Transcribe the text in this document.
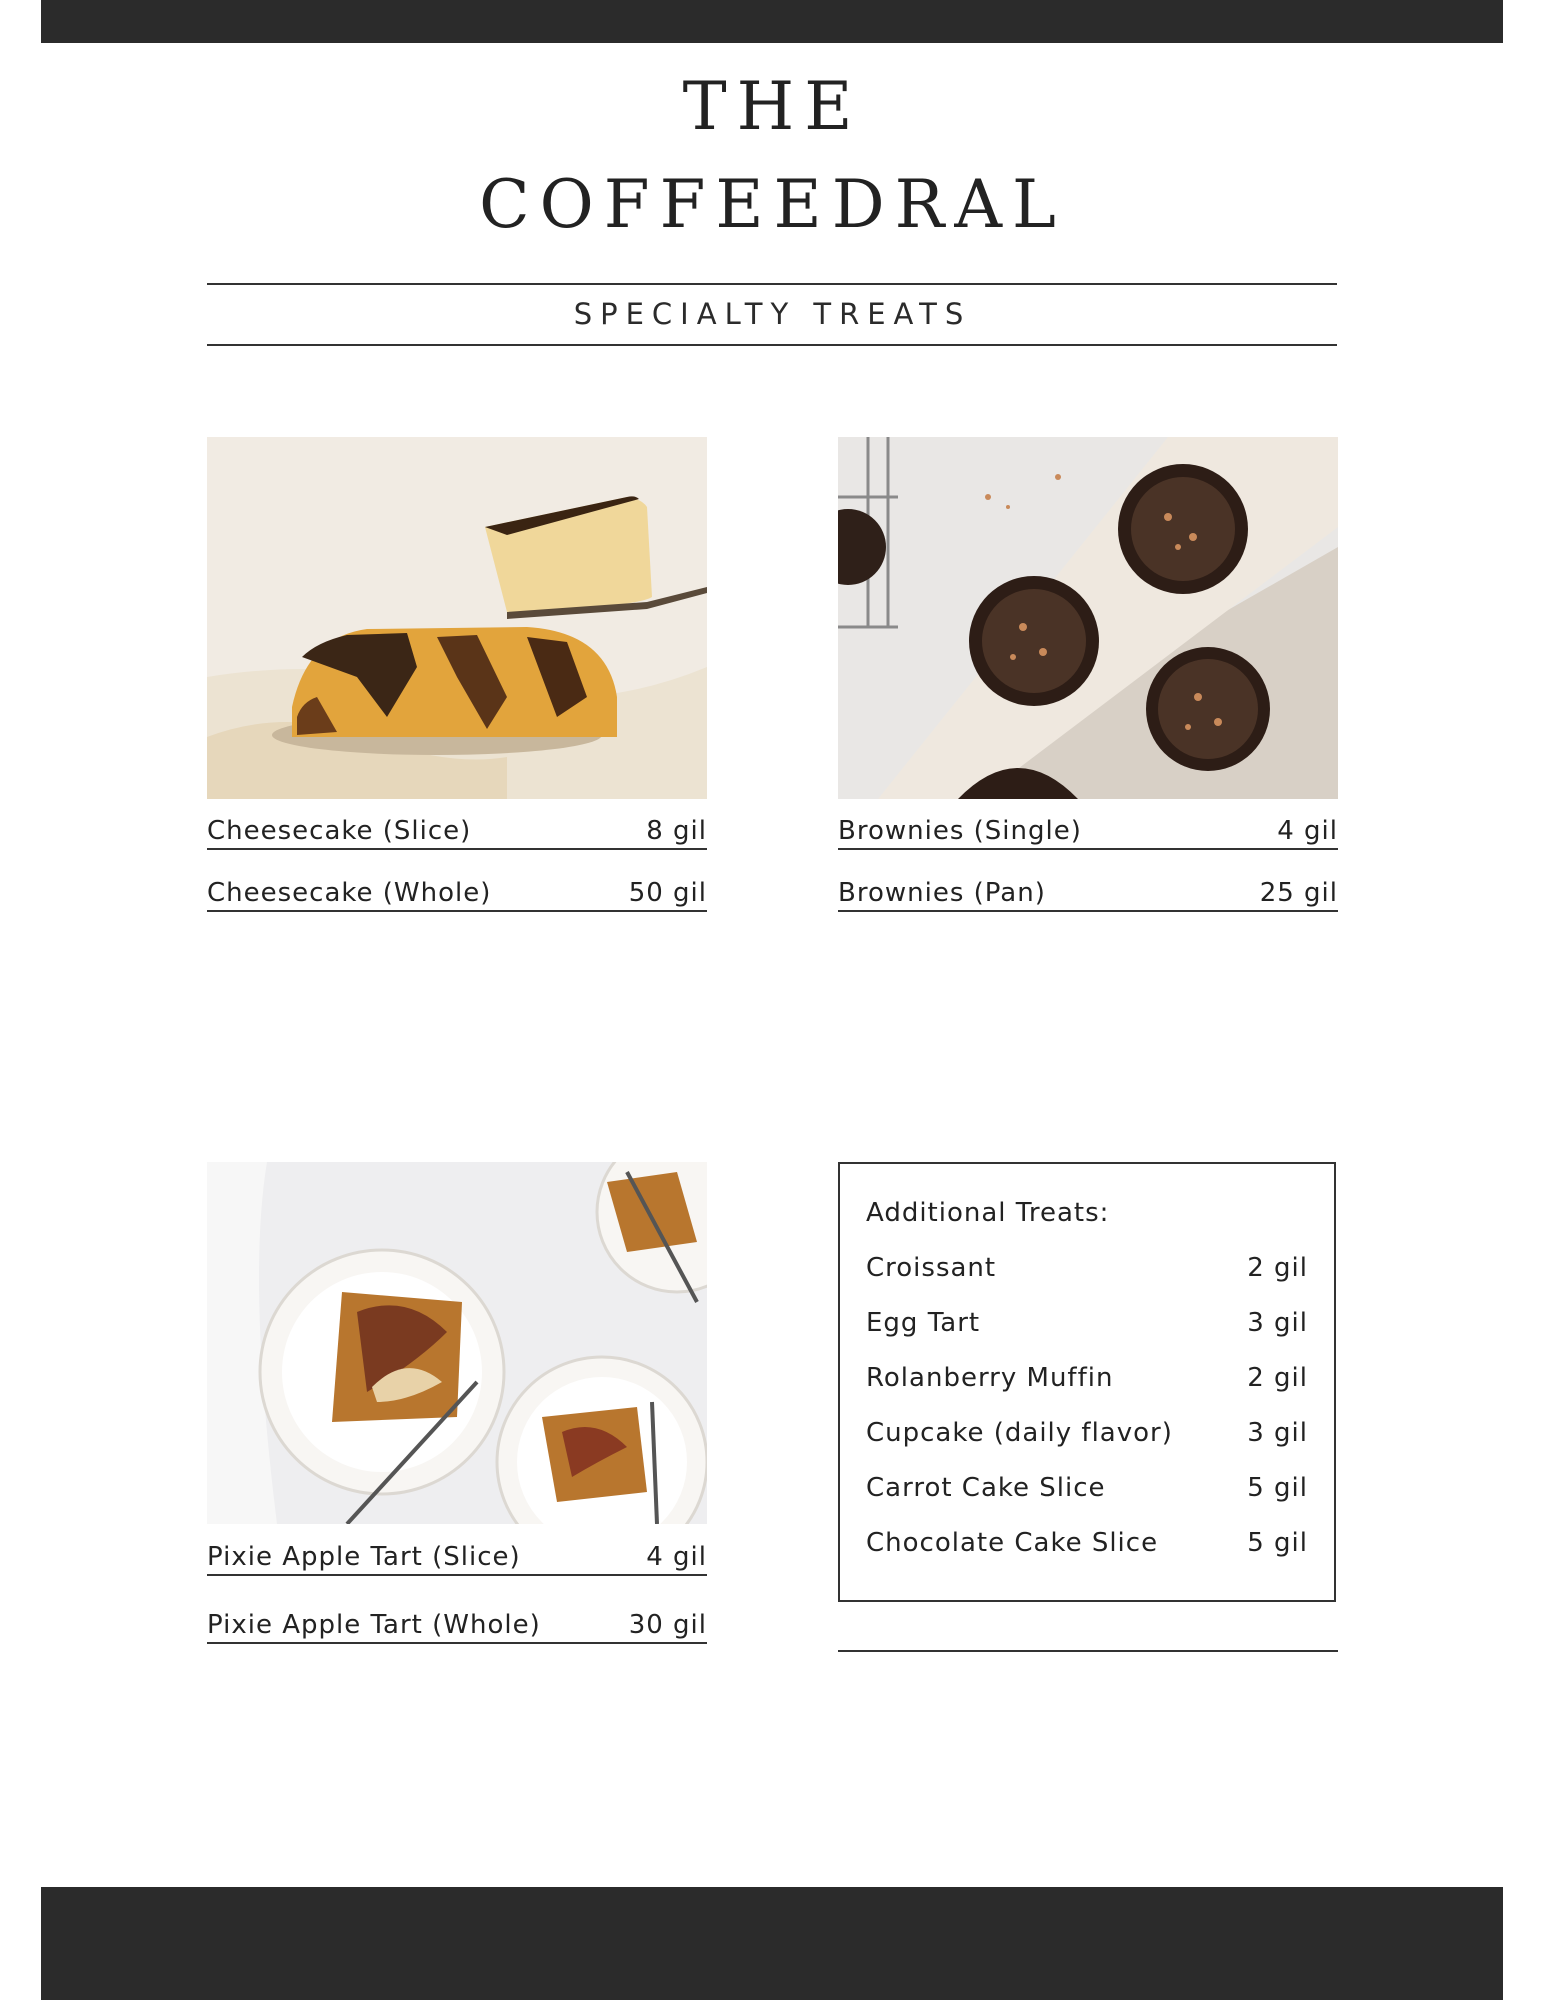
THE
COFFEEDRAL
SPECIALTY TREATS
Cheesecake (Slice)	8 gil
Cheesecake (Whole)	50 gil
Brownies (Single)	4 gil
Brownies (Pan)	25 gil
Pixie Apple Tart (Slice)	4 gil
Pixie Apple Tart (Whole)	30 gil
Additional Treats:
Croissant	2 gil
Egg Tart	3 gil
Rolanberry Muffin	2 gil
Cupcake (daily flavor)	3 gil
Carrot Cake Slice	5 gil
Chocolate Cake Slice	5 gil
